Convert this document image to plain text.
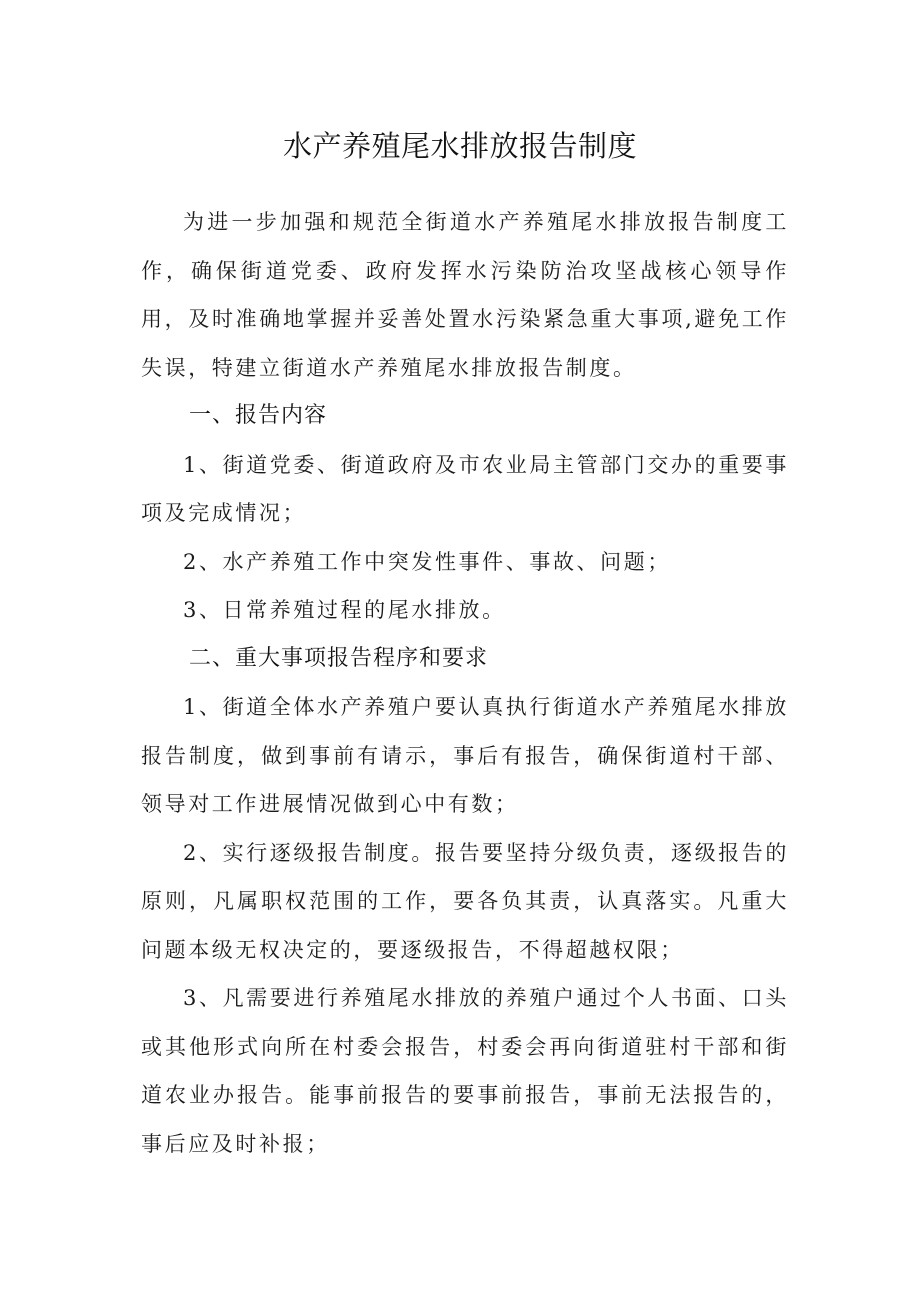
水产养殖尾水排放报告制度

为进一步加强和规范全街道水产养殖尾水排放报告制度工作，确保街道党委、政府发挥水污染防治攻坚战核心领导作用，及时准确地掌握并妥善处置水污染紧急重大事项,避免工作失误，特建立街道水产养殖尾水排放报告制度。

一、报告内容

1、街道党委、街道政府及市农业局主管部门交办的重要事项及完成情况；

2、水产养殖工作中突发性事件、事故、问题；

3、日常养殖过程的尾水排放。

二、重大事项报告程序和要求

1、街道全体水产养殖户要认真执行街道水产养殖尾水排放报告制度，做到事前有请示，事后有报告，确保街道村干部、领导对工作进展情况做到心中有数；

2、实行逐级报告制度。报告要坚持分级负责，逐级报告的原则，凡属职权范围的工作，要各负其责，认真落实。凡重大问题本级无权决定的，要逐级报告，不得超越权限；

3、凡需要进行养殖尾水排放的养殖户通过个人书面、口头或其他形式向所在村委会报告，村委会再向街道驻村干部和街道农业办报告。能事前报告的要事前报告，事前无法报告的，事后应及时补报；
